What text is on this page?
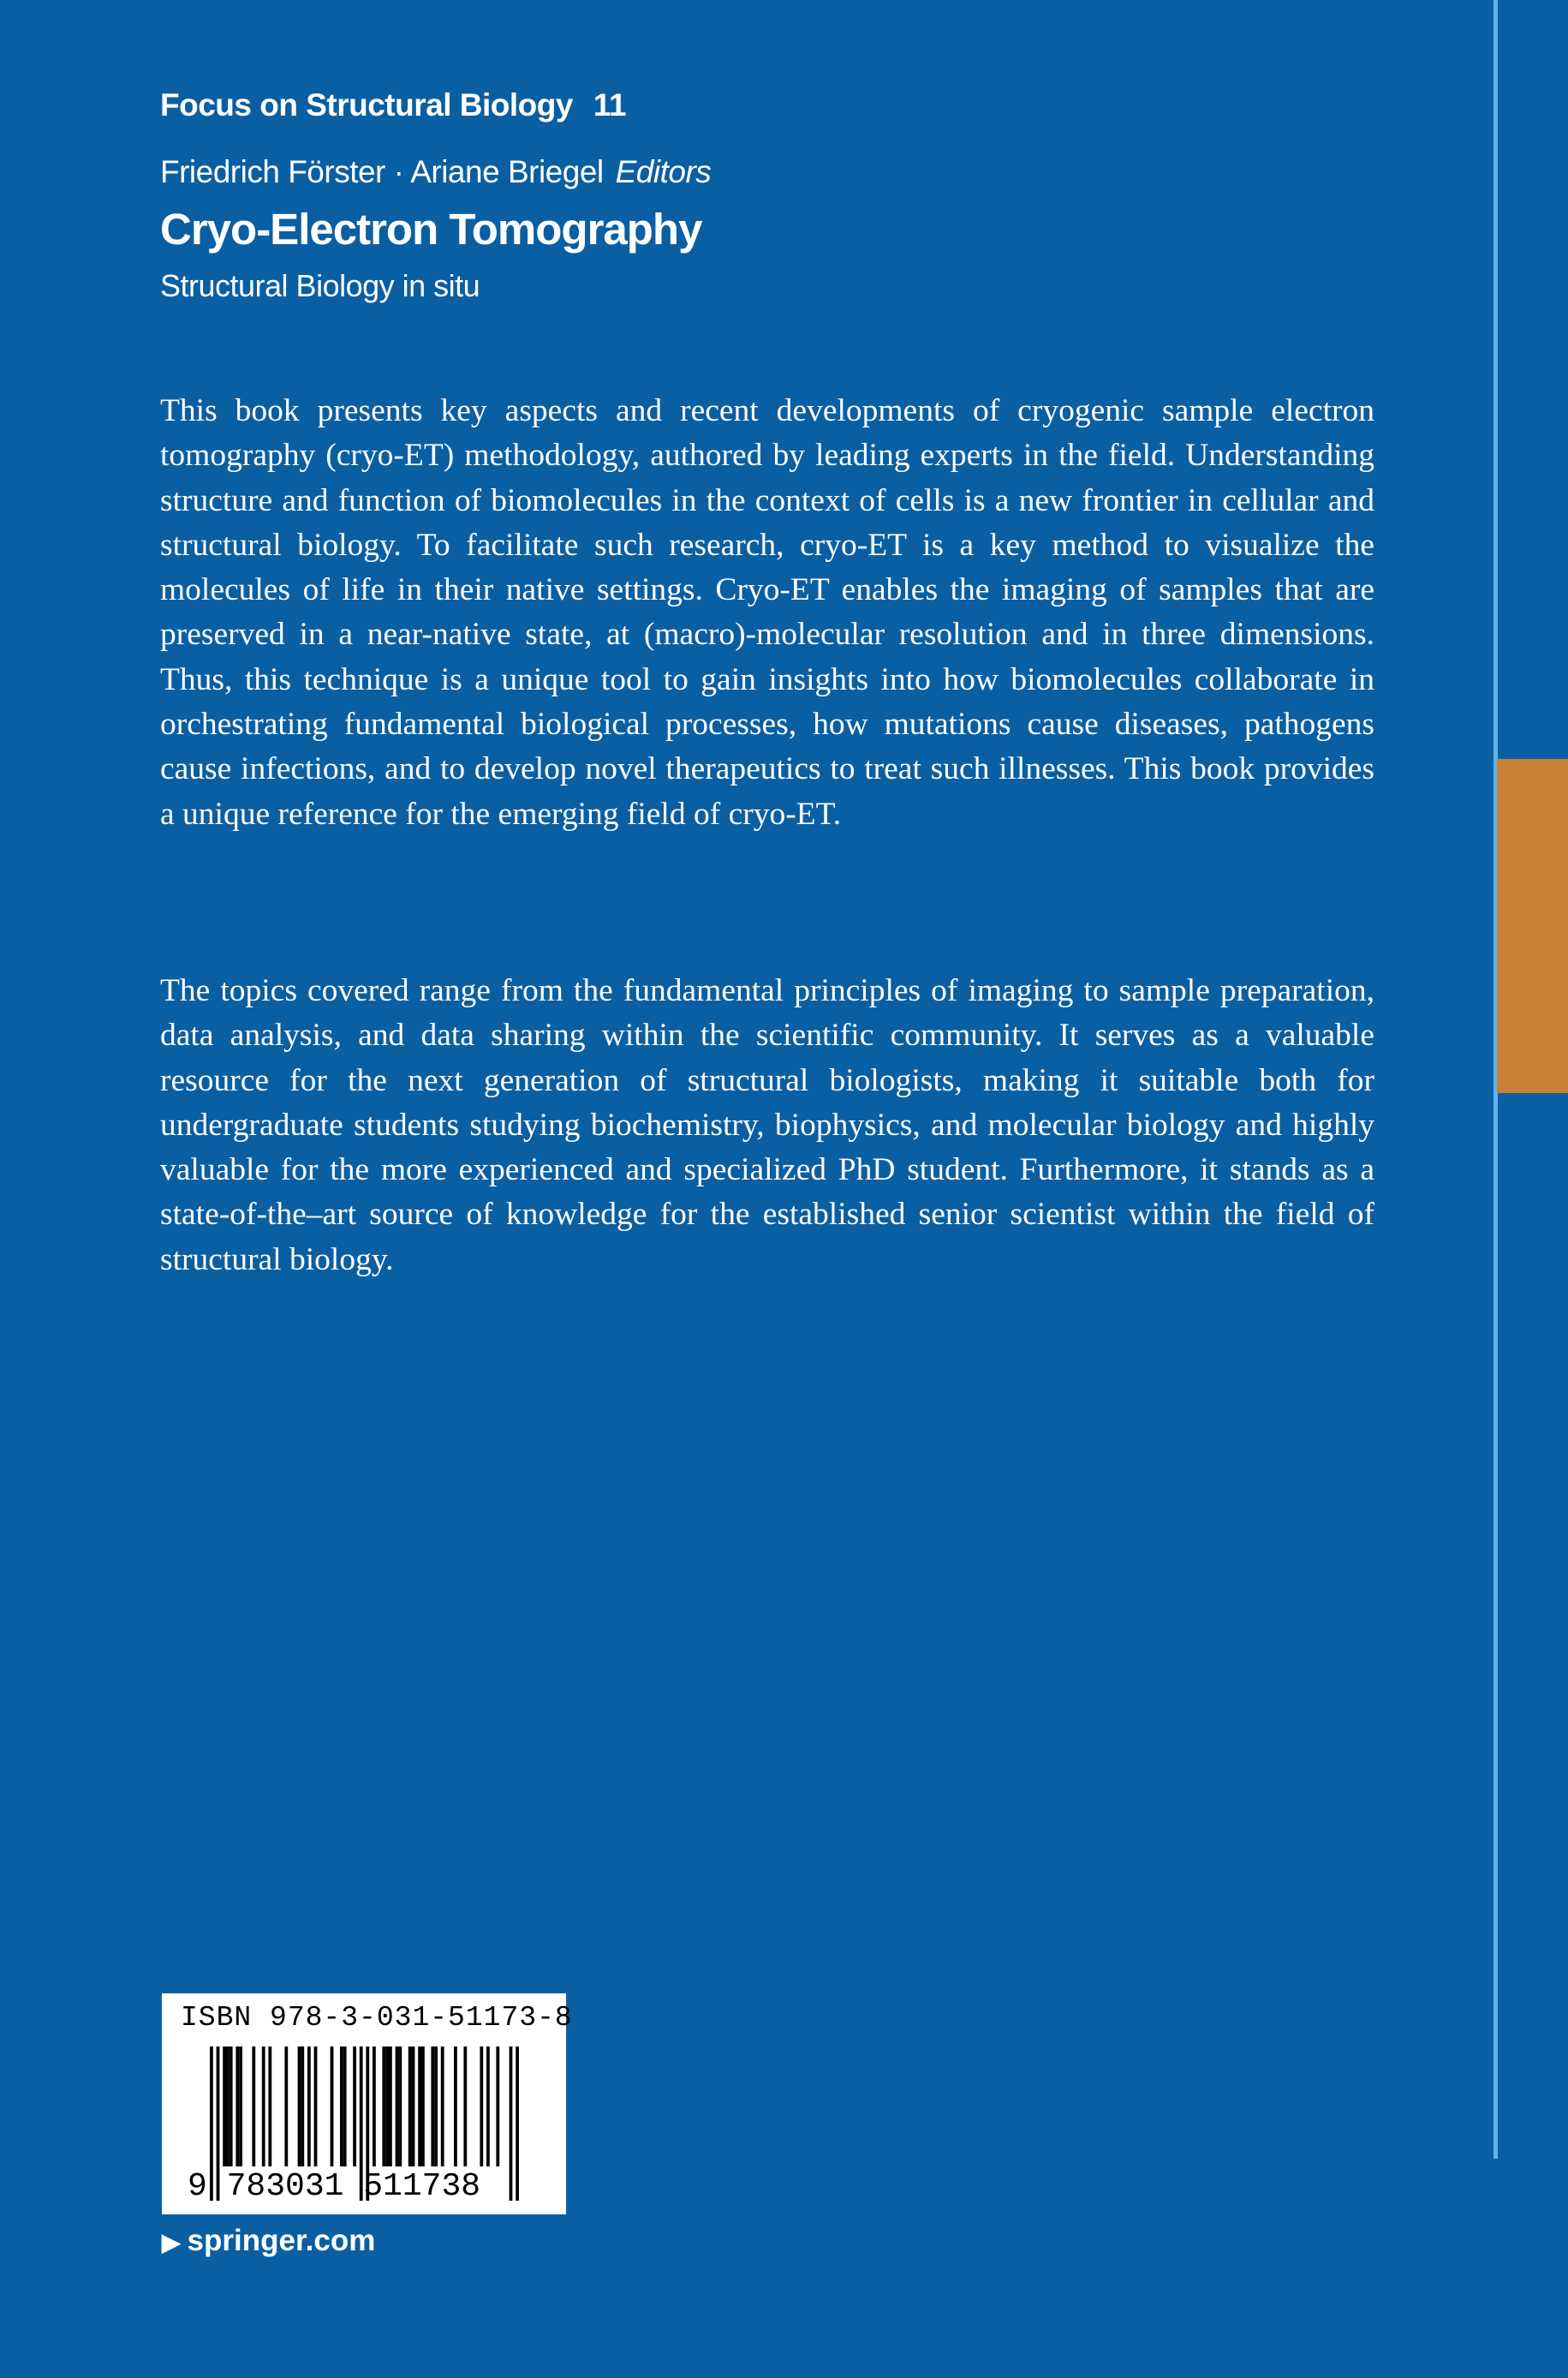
Focus on Structural Biology 11
Friedrich Förster · Ariane Briegel Editors
Cryo-Electron Tomography
Structural Biology in situ

This book presents key aspects and recent developments of cryogenic sample electron tomography (cryo-ET) methodology, authored by leading experts in the field. Understanding structure and function of biomolecules in the context of cells is a new frontier in cellular and structural biology. To facilitate such research, cryo-ET is a key method to visualize the molecules of life in their native settings. Cryo-ET enables the imaging of samples that are preserved in a near-native state, at (macro)-molecular resolution and in three dimensions. Thus, this technique is a unique tool to gain insights into how biomolecules collaborate in orchestrating fundamental biological processes, how mutations cause diseases, pathogens cause infections, and to develop novel therapeutics to treat such illnesses. This book provides a unique reference for the emerging field of cryo-ET.

The topics covered range from the fundamental principles of imaging to sample preparation, data analysis, and data sharing within the scientific community. It serves as a valuable resource for the next generation of structural biologists, making it suitable both for undergraduate students studying biochemistry, biophysics, and molecular biology and highly valuable for the more experienced and specialized PhD student. Furthermore, it stands as a state-of-the–art source of knowledge for the established senior scientist within the field of structural biology.

ISBN 978-3-031-51173-8
9 783031 511738
▶ springer.com
